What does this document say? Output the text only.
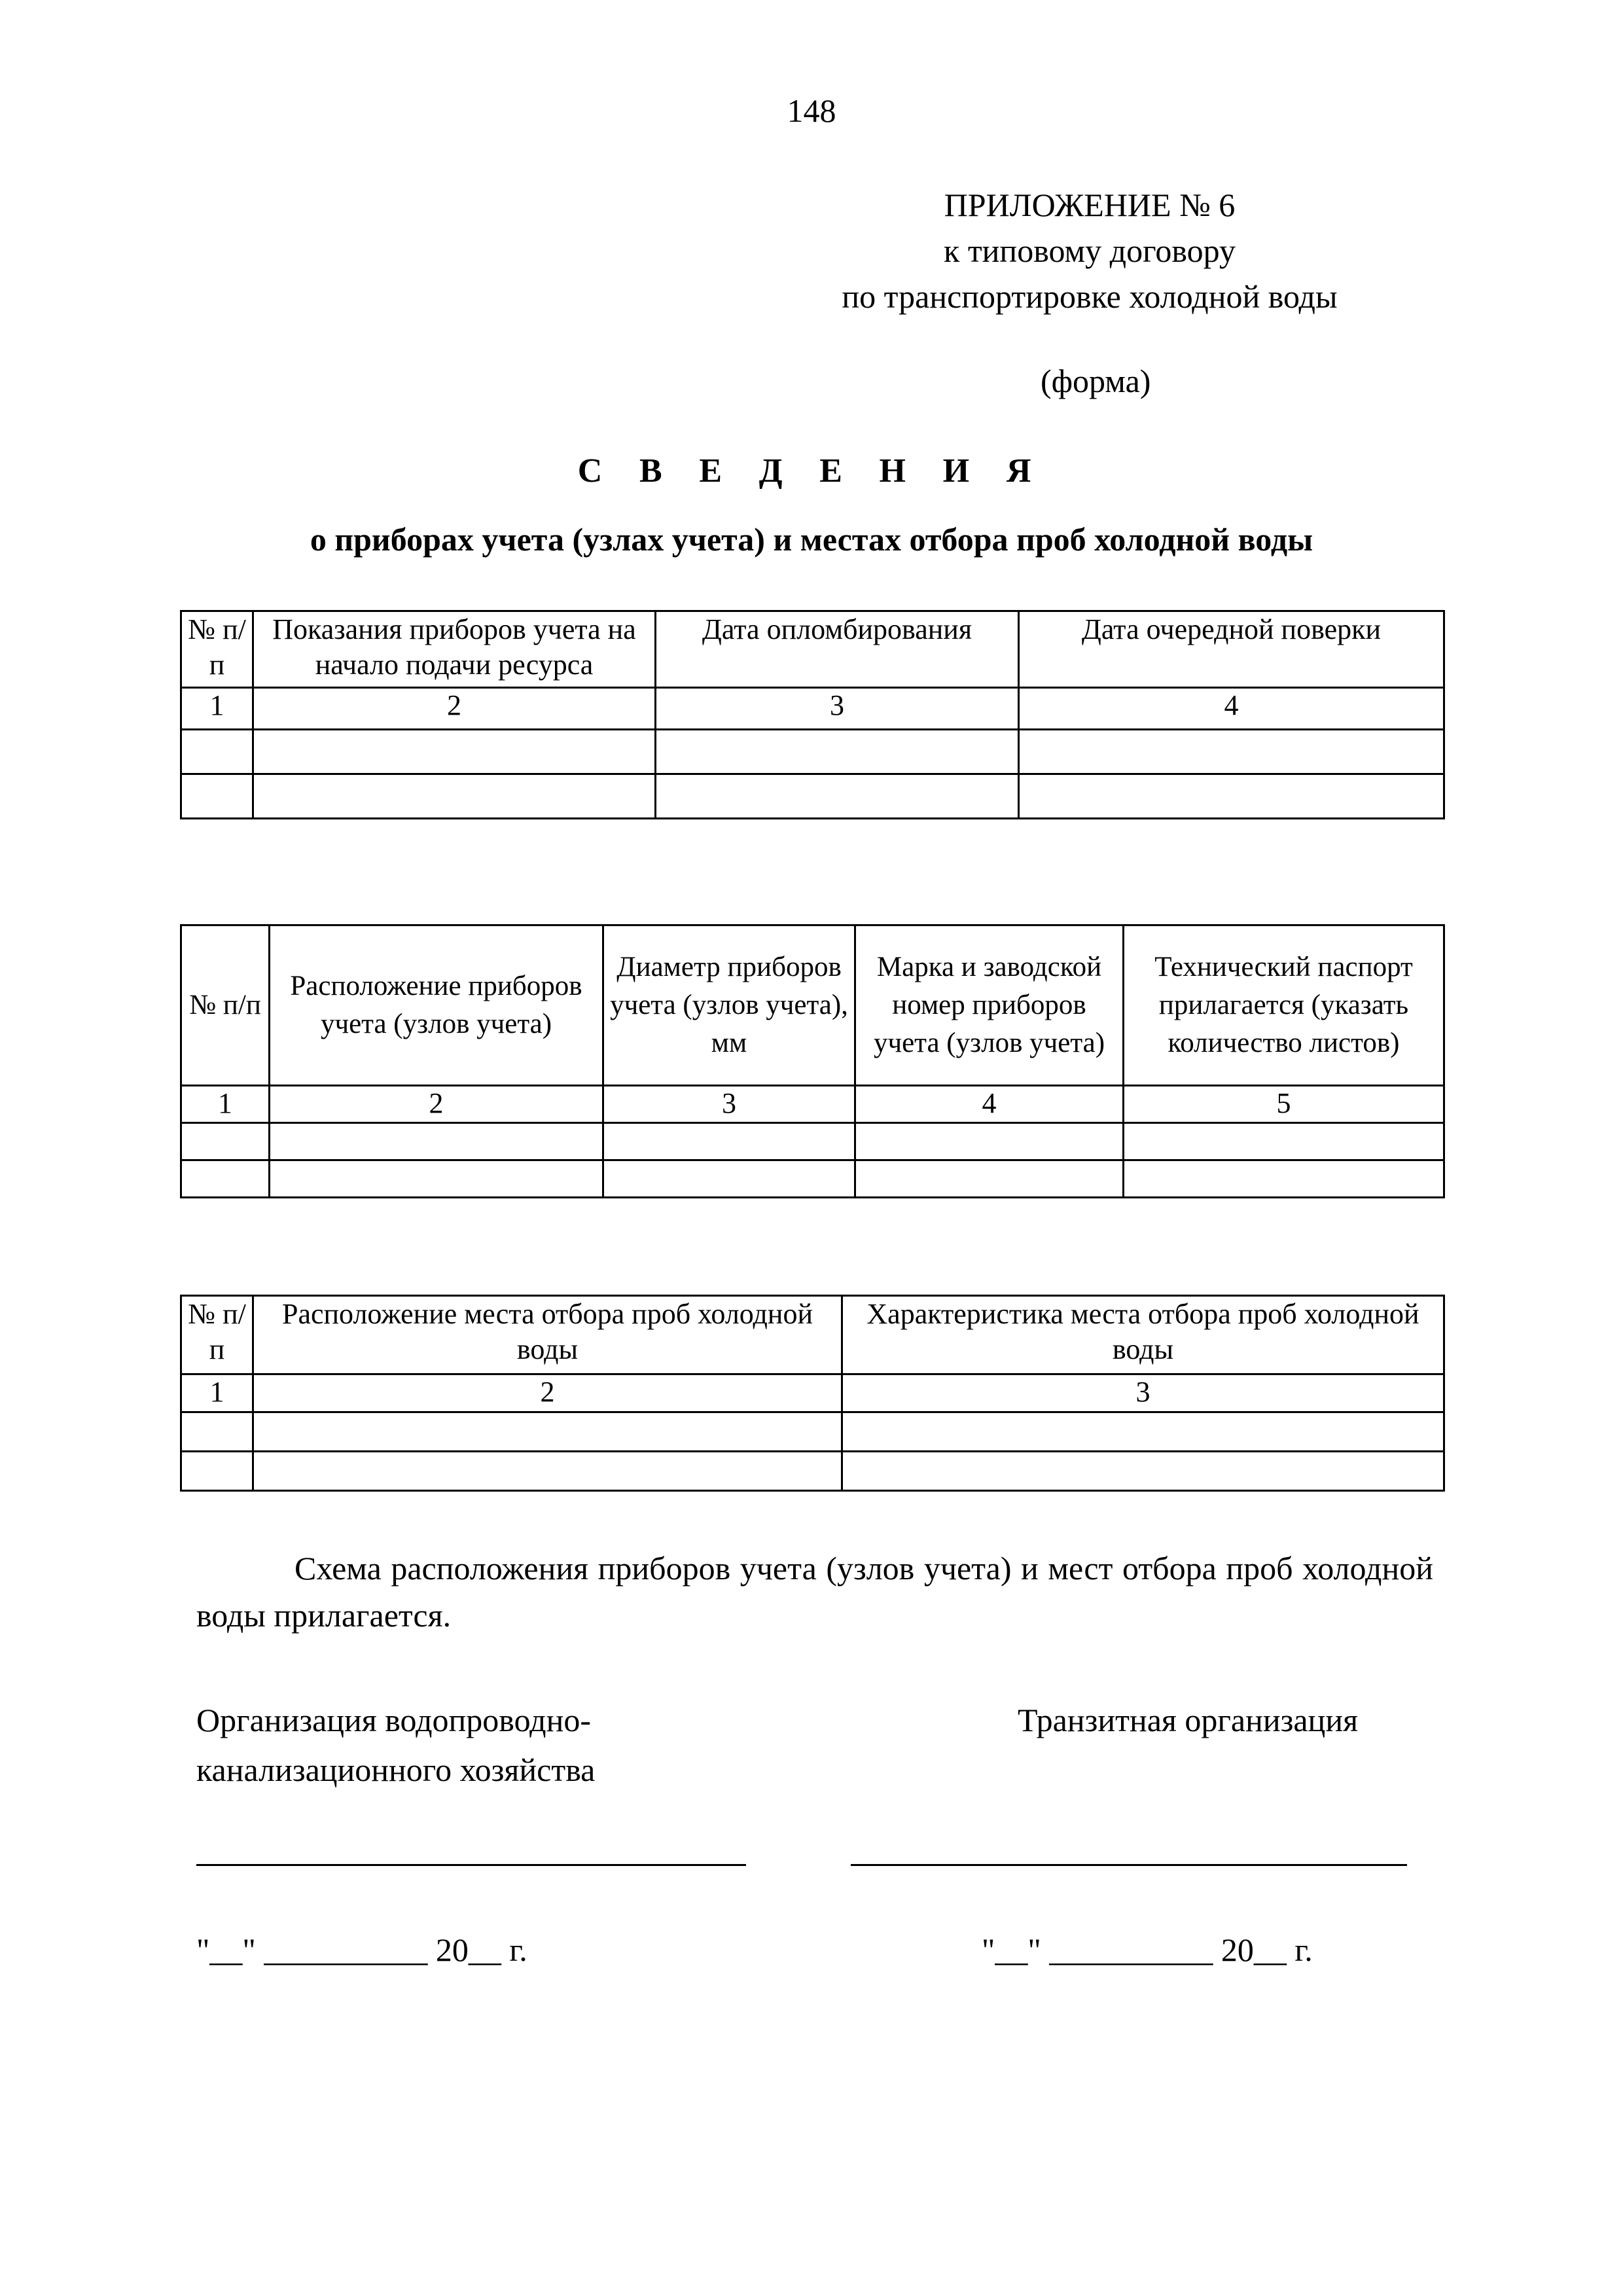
148
ПРИЛОЖЕНИЕ № 6
к типовому договору
по транспортировке холодной воды
(форма)
С В Е Д Е Н И Я
о приборах учета (узлах учета) и местах отбора проб холодной воды
№ п/п	Показания приборов учета на начало подачи ресурса	Дата опломбирования	Дата очередной поверки
1	2	3	4

№ п/п	Расположение приборов учета (узлов учета)	Диаметр приборов учета (узлов учета), мм	Марка и заводской номер приборов учета (узлов учета)	Технический паспорт прилагается (указать количество листов)
1	2	3	4	5

№ п/п	Расположение места отбора проб холодной воды	Характеристика места отбора проб холодной воды
1	2	3

Схема расположения приборов учета (узлов учета) и мест отбора проб холодной воды прилагается.
Организация водопроводно-
канализационного хозяйства
Транзитная организация
"__" __________ 20__ г.	"__" __________ 20__ г.
